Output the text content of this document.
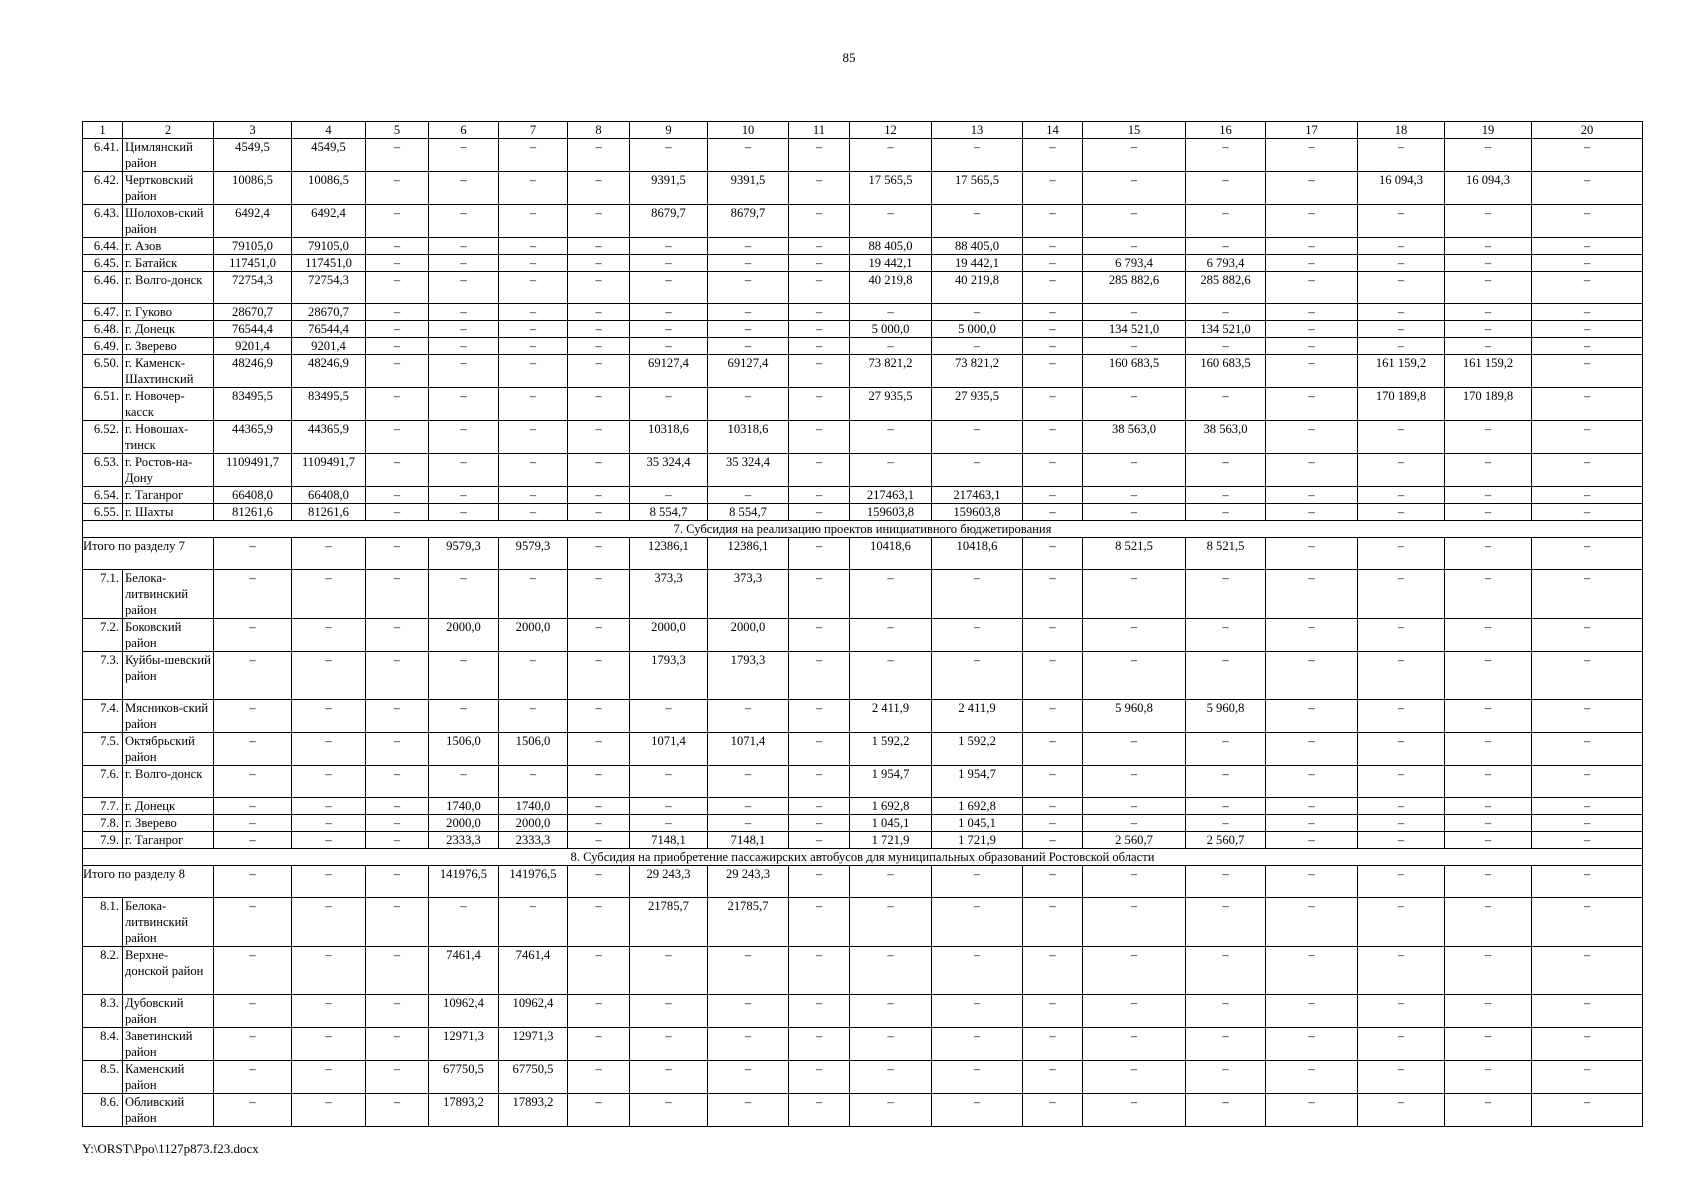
85
1	2	3	4	5	6	7	8	9	10	11	12	13	14	15	16	17	18	19	20
6.41.	Цимлянский район	4549,5	4549,5	–	–	–	–	–	–	–	–	–	–	–	–	–	–	–	–
6.42.	Чертковский район	10086,5	10086,5	–	–	–	–	9391,5	9391,5	–	17 565,5	17 565,5	–	–	–	–	16 094,3	16 094,3	–
6.43.	Шолохов-ский район	6492,4	6492,4	–	–	–	–	8679,7	8679,7	–	–	–	–	–	–	–	–	–	–
6.44.	г. Азов	79105,0	79105,0	–	–	–	–	–	–	–	88 405,0	88 405,0	–	–	–	–	–	–	–
6.45.	г. Батайск	117451,0	117451,0	–	–	–	–	–	–	–	19 442,1	19 442,1	–	6 793,4	6 793,4	–	–	–	–
6.46.	г. Волго-донск	72754,3	72754,3	–	–	–	–	–	–	–	40 219,8	40 219,8	–	285 882,6	285 882,6	–	–	–	–
6.47.	г. Гуково	28670,7	28670,7	–	–	–	–	–	–	–	–	–	–	–	–	–	–	–	–
6.48.	г. Донецк	76544,4	76544,4	–	–	–	–	–	–	–	5 000,0	5 000,0	–	134 521,0	134 521,0	–	–	–	–
6.49.	г. Зверево	9201,4	9201,4	–	–	–	–	–	–	–	–	–	–	–	–	–	–	–	–
6.50.	г. Каменск-Шахтинский	48246,9	48246,9	–	–	–	–	69127,4	69127,4	–	73 821,2	73 821,2	–	160 683,5	160 683,5	–	161 159,2	161 159,2	–
6.51.	г. Новочер-касск	83495,5	83495,5	–	–	–	–	–	–	–	27 935,5	27 935,5	–	–	–	–	170 189,8	170 189,8	–
6.52.	г. Новошах-тинск	44365,9	44365,9	–	–	–	–	10318,6	10318,6	–	–	–	–	38 563,0	38 563,0	–	–	–	–
6.53.	г. Ростов-на-Дону	1109491,7	1109491,7	–	–	–	–	35 324,4	35 324,4	–	–	–	–	–	–	–	–	–	–
6.54.	г. Таганрог	66408,0	66408,0	–	–	–	–	–	–	–	217463,1	217463,1	–	–	–	–	–	–	–
6.55.	г. Шахты	81261,6	81261,6	–	–	–	–	8 554,7	8 554,7	–	159603,8	159603,8	–	–	–	–	–	–	–
7. Субсидия на реализацию проектов инициативного бюджетирования																			
Итого по разделу 7		–	–	–	9579,3	9579,3	–	12386,1	12386,1	–	10418,6	10418,6	–	8 521,5	8 521,5	–	–	–	–
7.1.	Белока-литвинский район	–	–	–	–	–	–	373,3	373,3	–	–	–	–	–	–	–	–	–	–
7.2.	Боковский район	–	–	–	2000,0	2000,0	–	2000,0	2000,0	–	–	–	–	–	–	–	–	–	–
7.3.	Куйбы-шевский район	–	–	–	–	–	–	1793,3	1793,3	–	–	–	–	–	–	–	–	–	–
7.4.	Мясников-ский район	–	–	–	–	–	–	–	–	–	2 411,9	2 411,9	–	5 960,8	5 960,8	–	–	–	–
7.5.	Октябрьский район	–	–	–	1506,0	1506,0	–	1071,4	1071,4	–	1 592,2	1 592,2	–	–	–	–	–	–	–
7.6.	г. Волго-донск	–	–	–	–	–	–	–	–	–	1 954,7	1 954,7	–	–	–	–	–	–	–
7.7.	г. Донецк	–	–	–	1740,0	1740,0	–	–	–	–	1 692,8	1 692,8	–	–	–	–	–	–	–
7.8.	г. Зверево	–	–	–	2000,0	2000,0	–	–	–	–	1 045,1	1 045,1	–	–	–	–	–	–	–
7.9.	г. Таганрог	–	–	–	2333,3	2333,3	–	7148,1	7148,1	–	1 721,9	1 721,9	–	2 560,7	2 560,7	–	–	–	–
8. Субсидия на приобретение пассажирских автобусов для муниципальных образований Ростовской области																			
Итого по разделу 8		–	–	–	141976,5	141976,5	–	29 243,3	29 243,3	–	–	–	–	–	–	–	–	–	–
8.1.	Белока-литвинский район	–	–	–	–	–	–	21785,7	21785,7	–	–	–	–	–	–	–	–	–	–
8.2.	Верхне-донской район	–	–	–	7461,4	7461,4	–	–	–	–	–	–	–	–	–	–	–	–	–
8.3.	Дубовский район	–	–	–	10962,4	10962,4	–	–	–	–	–	–	–	–	–	–	–	–	–
8.4.	Заветинский район	–	–	–	12971,3	12971,3	–	–	–	–	–	–	–	–	–	–	–	–	–
8.5.	Каменский район	–	–	–	67750,5	67750,5	–	–	–	–	–	–	–	–	–	–	–	–	–
8.6.	Обливский район	–	–	–	17893,2	17893,2	–	–	–	–	–	–	–	–	–	–	–	–	–
Y:\ORST\Ppo\1127p873.f23.docx
